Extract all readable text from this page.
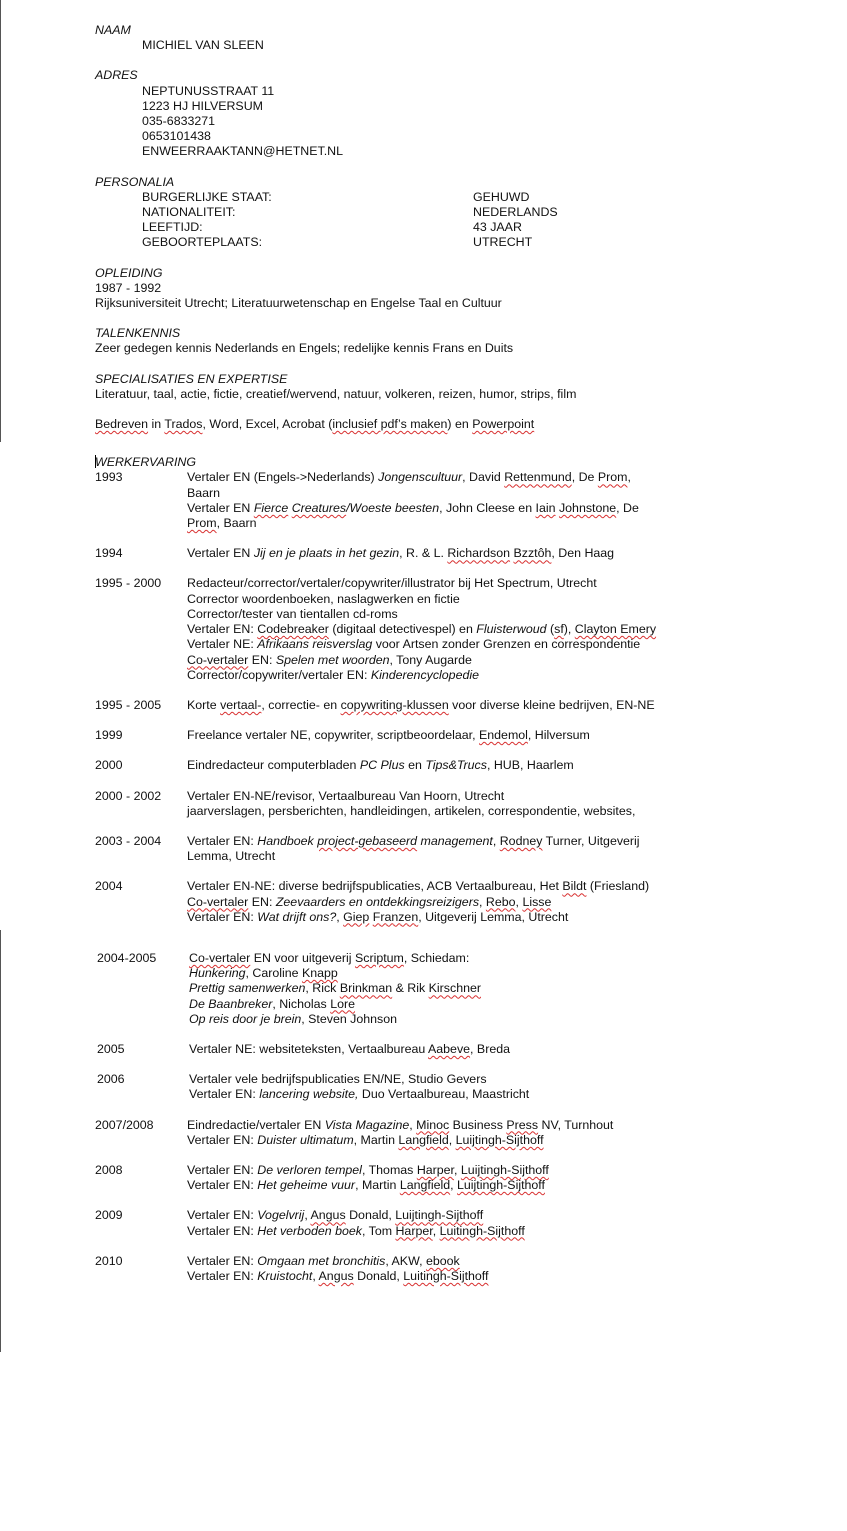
NAAM
MICHIEL VAN SLEEN
ADRES
NEPTUNUSSTRAAT 11
1223 HJ HILVERSUM
035-6833271
0653101438
ENWEERRAAKTANN@HETNET.NL
PERSONALIA
BURGERLIJKE STAAT:	GEHUWD
NATIONALITEIT:	NEDERLANDS
LEEFTIJD:	43 JAAR
GEBOORTEPLAATS:	UTRECHT
OPLEIDING
1987 - 1992
Rijksuniversiteit Utrecht; Literatuurwetenschap en Engelse Taal en Cultuur
TALENKENNIS
Zeer gedegen kennis Nederlands en Engels; redelijke kennis Frans en Duits
SPECIALISATIES EN EXPERTISE
Literatuur, taal, actie, fictie, creatief/wervend, natuur, volkeren, reizen, humor, strips, film
Bedreven in Trados, Word, Excel, Acrobat (inclusief pdf’s maken) en Powerpoint
WERKERVARING
1993	Vertaler EN (Engels->Nederlands) Jongenscultuur, David Rettenmund, De Prom,
Baarn
Vertaler EN Fierce Creatures/Woeste beesten, John Cleese en Iain Johnstone, De
Prom, Baarn
1994	Vertaler EN Jij en je plaats in het gezin, R. & L. Richardson Bzztôh, Den Haag
1995 - 2000	Redacteur/corrector/vertaler/copywriter/illustrator bij Het Spectrum, Utrecht
Corrector woordenboeken, naslagwerken en fictie
Corrector/tester van tientallen cd-roms
Vertaler EN: Codebreaker (digitaal detectivespel) en Fluisterwoud (sf), Clayton Emery
Vertaler NE: Afrikaans reisverslag voor Artsen zonder Grenzen en correspondentie
Co-vertaler EN: Spelen met woorden, Tony Augarde
Corrector/copywriter/vertaler EN: Kinderencyclopedie
1995 - 2005	Korte vertaal-, correctie- en copywriting-klussen voor diverse kleine bedrijven, EN-NE
1999	Freelance vertaler NE, copywriter, scriptbeoordelaar, Endemol, Hilversum
2000	Eindredacteur computerbladen PC Plus en Tips&Trucs, HUB, Haarlem
2000 - 2002	Vertaler EN-NE/revisor, Vertaalbureau Van Hoorn, Utrecht
jaarverslagen, persberichten, handleidingen, artikelen, correspondentie, websites,
2003 - 2004	Vertaler EN: Handboek project-gebaseerd management, Rodney Turner, Uitgeverij
Lemma, Utrecht
2004	Vertaler EN-NE: diverse bedrijfspublicaties, ACB Vertaalbureau, Het Bildt (Friesland)
Co-vertaler EN: Zeevaarders en ontdekkingsreizigers, Rebo, Lisse
Vertaler EN: Wat drijft ons?, Giep Franzen, Uitgeverij Lemma, Utrecht
2004-2005	Co-vertaler EN voor uitgeverij Scriptum, Schiedam:
Hunkering, Caroline Knapp
Prettig samenwerken, Rick Brinkman & Rik Kirschner
De Baanbreker, Nicholas Lore
Op reis door je brein, Steven Johnson
2005	Vertaler NE: websiteteksten, Vertaalbureau Aabeve, Breda
2006	Vertaler vele bedrijfspublicaties EN/NE, Studio Gevers
Vertaler EN: lancering website, Duo Vertaalbureau, Maastricht
2007/2008	Eindredactie/vertaler EN Vista Magazine, Minoc Business Press NV, Turnhout
Vertaler EN: Duister ultimatum, Martin Langfield, Luijtingh-Sijthoff
2008	Vertaler EN: De verloren tempel, Thomas Harper, Luijtingh-Sijthoff
Vertaler EN: Het geheime vuur, Martin Langfield, Luijtingh-Sijthoff
2009	Vertaler EN: Vogelvrij, Angus Donald, Luijtingh-Sijthoff
Vertaler EN: Het verboden boek, Tom Harper, Luitingh-Sijthoff
2010	Vertaler EN: Omgaan met bronchitis, AKW, ebook
Vertaler EN: Kruistocht, Angus Donald, Luitingh-Sijthoff
